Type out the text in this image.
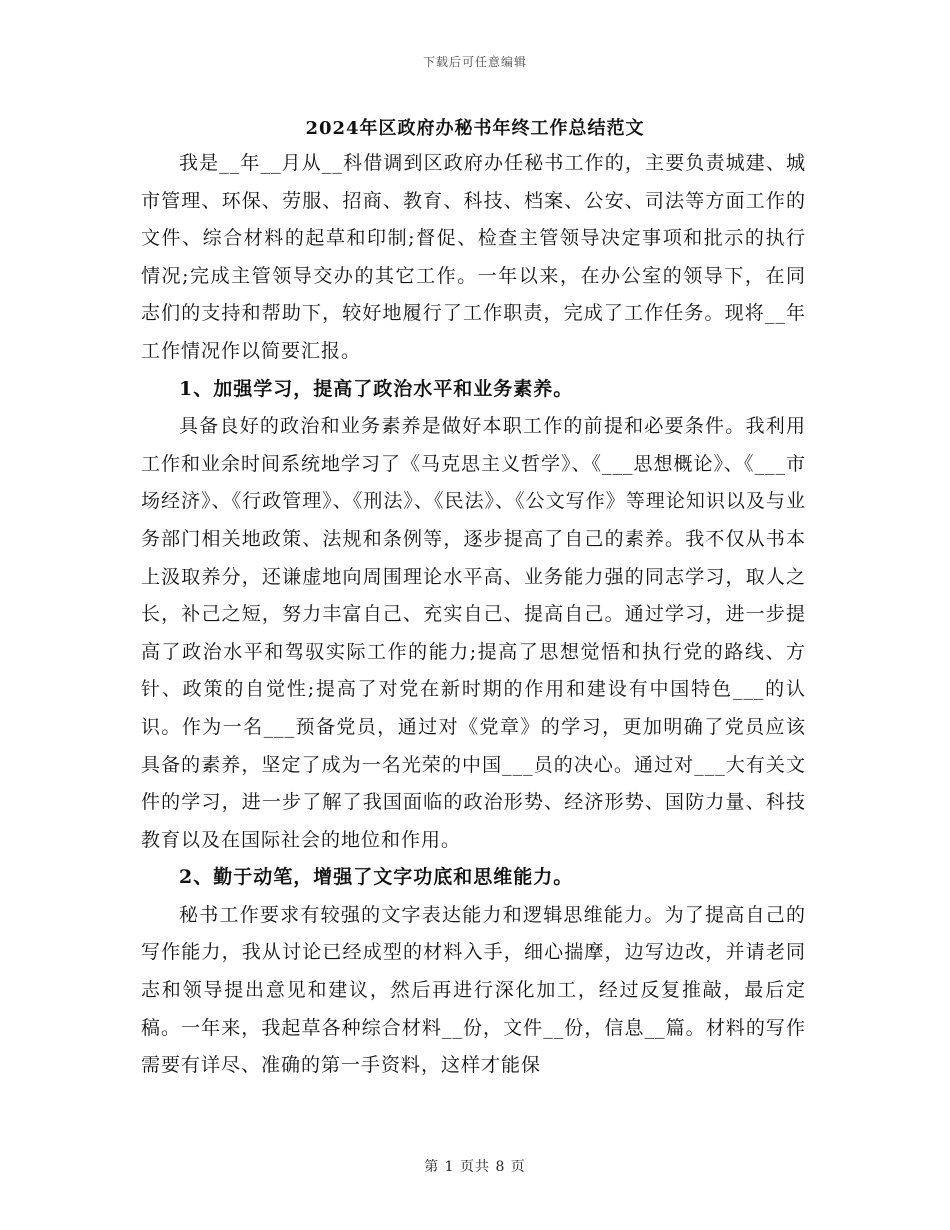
下载后可任意编辑
2024年区政府办秘书年终工作总结范文

我是__年__月从__科借调到区政府办任秘书工作的，主要负责城建、城市管理、环保、劳服、招商、教育、科技、档案、公安、司法等方面工作的文件、综合材料的起草和印制;督促、检查主管领导决定事项和批示的执行情况;完成主管领导交办的其它工作。一年以来，在办公室的领导下，在同志们的支持和帮助下，较好地履行了工作职责，完成了工作任务。现将__年工作情况作以简要汇报。

1、加强学习，提高了政治水平和业务素养。

具备良好的政治和业务素养是做好本职工作的前提和必要条件。我利用工作和业余时间系统地学习了《马克思主义哲学》、《___思想概论》、《___市场经济》、《行政管理》、《刑法》、《民法》、《公文写作》等理论知识以及与业务部门相关地政策、法规和条例等，逐步提高了自己的素养。我不仅从书本上汲取养分，还谦虚地向周围理论水平高、业务能力强的同志学习，取人之长，补己之短，努力丰富自己、充实自己、提高自己。通过学习，进一步提高了政治水平和驾驭实际工作的能力;提高了思想觉悟和执行党的路线、方针、政策的自觉性;提高了对党在新时期的作用和建设有中国特色___的认识。作为一名___预备党员，通过对《党章》的学习，更加明确了党员应该具备的素养，坚定了成为一名光荣的中国___员的决心。通过对___大有关文件的学习，进一步了解了我国面临的政治形势、经济形势、国防力量、科技教育以及在国际社会的地位和作用。

2、勤于动笔，增强了文字功底和思维能力。

秘书工作要求有较强的文字表达能力和逻辑思维能力。为了提高自己的写作能力，我从讨论已经成型的材料入手，细心揣摩，边写边改，并请老同志和领导提出意见和建议，然后再进行深化加工，经过反复推敲，最后定稿。一年来，我起草各种综合材料__份，文件__份，信息__篇。材料的写作需要有详尽、准确的第一手资料，这样才能保

第 1 页共 8 页
